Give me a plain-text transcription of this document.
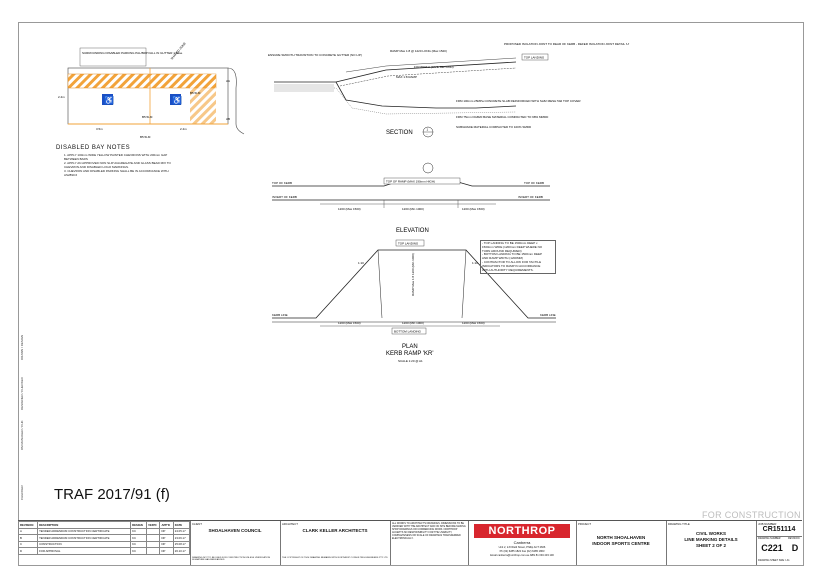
♿	♿
SURROUNDING DISABLED PARKING PAL/BRP FALL IN GUTTER 1 base
SHARED ZONE
3.5m
B5.5LM
B5.5LM
B5.5LM
2.4m
2.4m
AA
AB
DISABLED BAY NOTES
1. APPLY 100mm WIDE YELLOW PAINTED CHEVRONS WITH 200mm GAP BETWEEN BARS
2. APPLY AN APPROVED NON SLIP AGGREGATE AND GLASS BEAD MIX TO CHEVRON AND DISABLED LOGO MARKINGS.
3. CHEVRON AND DISABLED PARKING SHALL BE IN ACCORDANCE WITH AS2890.6
ENSURE SMOOTH TRANSITION TO CONCRETE GUTTER (NO LIP)
RAMP Max 1:8 @ 1220 LONG (Max 1520)
FOOTPATH (CIVIL BEYOND)
MAX 1:8 RAMP
PROPOSED ISOLATION JOINT TO REAR OF KERB - REFER ISOLATION JOINT DETAIL 'H'
TOP LANDING
FRM 100mm 25MPa CONCRETE SLAB REINFORCED WITH SL82 MESH 50d TOP COVER
FRM 75mm DGB20 BASE MATERIAL COMPACTED TO 98% MMDD
SUBGRADE MATERIAL COMPACTED TO 100% SMDD
SECTION
1
-
TOP OF RAMP (MAX 190mm HIGH)
TOP OF KERB	TOP OF KERB
INVERT OF KERB	INVERT OF KERB
1200 (Max 1500)	1200 (Min 1000)	1200 (Max 1500)
ELEVATION
TOP LANDING
BOTTOM LANDING
RAMP Max 1:8 1200 (Min 1000)
1:10	1:10
KERB LINE	KERB LINE
1200 (Max 1500)	1200 (Min 1000)	1200 (Max 1500)
PLAN
KERB RAMP 'KR'
SCALE 1:20 @ A1
- TOP LANDING TO BE 1500mm DEEP x
1500mm WIDE (1200mm DEEP WHERE NO
TURN AROUND REQUIRED)
- BOTTOM LANDING TO BE 1500mm DEEP
AND RAMP WIDTH (1200MM)
- CONTRACTOR TO ALLOW FOR TACTILE
INDICATORS TO RAMP IN ACCORDANCE
WITH AUTHORITY REQUIREMENTS.
DRAWN / DESIGN
DESIGNER / CHECKED
DM MANAGER / CHK
CHECKER TRAF 2017/91 (f)
FOR CONSTRUCTION
REVISION	DESCRIPTION	DESIGN	VER'D	APP'D	DATE
A	TENDER ADDENDUM CONSTRUCTION CERTIFICATE	KC		DP	24.05.17
B	TENDER ADDENDUM CONSTRUCTION CERTIFICATE	KC		DP	23.06.17
C	CONSTRUCTION	KC		DP	25.08.17
D	FOR APPROVAL	KC		DP	26.10.17
CLIENT
SHOALHAVEN COUNCIL
DRAWING NOT TO BE USED FOR CONSTRUCTION UNLESS VERIFICATION SIGNATURE HAS BEEN ADDED
ARCHITECT
CLARK KELLER ARCHITECTS
THE COPYRIGHT OF THIS DRAWING REMAINS WITH NORTHROP CONSULTING ENGINEERS PTY LTD
ALL WORKS TO ARCHITECT'S DRAWINGS. DIMENSIONS TO BE VERIFIED WITH THE ARCHITECT AND ON SITE BEFORE MAKING SHOP DRAWINGS OR COMMENCING WORK. NORTHROP ACCEPTS NO RESPONSIBILITY FOR THE USABILITY, COMPLETENESS OR SCALE OF DRAWINGS TRANSFERRED ELECTRONICALLY.
NORTHROP
Canberra
Unit 2, 2-8 Weld Street, Phillip ACT 2606
Ph (02) 6285 1822 Fax (02) 6285 1863
Email canberra@northrop.com.au ABN 81 094 433 100
PROJECT
NORTH SHOALHAVEN
INDOOR SPORTS CENTRE
DRAWING TITLE
CIVIL WORKS
LINE MARKING DETAILS
SHEET 2 OF 2
JOB NUMBER
CR151114
DRAWING NUMBER	REVISION
C221	D
DRAWING SHEET SIZE = A1
